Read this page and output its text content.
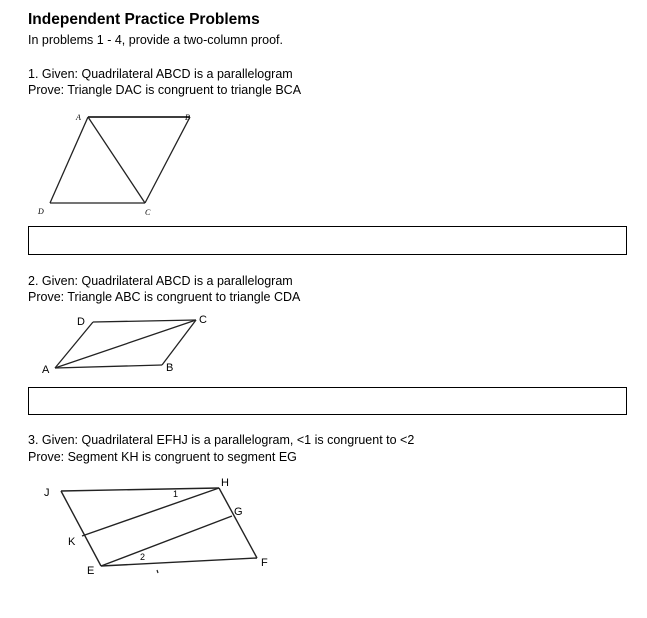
Independent Practice Problems
In problems 1 - 4, provide a two-column proof.
1. Given: Quadrilateral ABCD is a parallelogram
Prove: Triangle DAC is congruent to triangle BCA
A	B
C
D
2. Given: Quadrilateral ABCD is a parallelogram
Prove: Triangle ABC is congruent to triangle CDA
D	C
A	B
3. Given: Quadrilateral EFHJ is a parallelogram, <1 is congruent to <2
Prove: Segment KH is congruent to segment EG
J
H
G
K
E
F
1
2
